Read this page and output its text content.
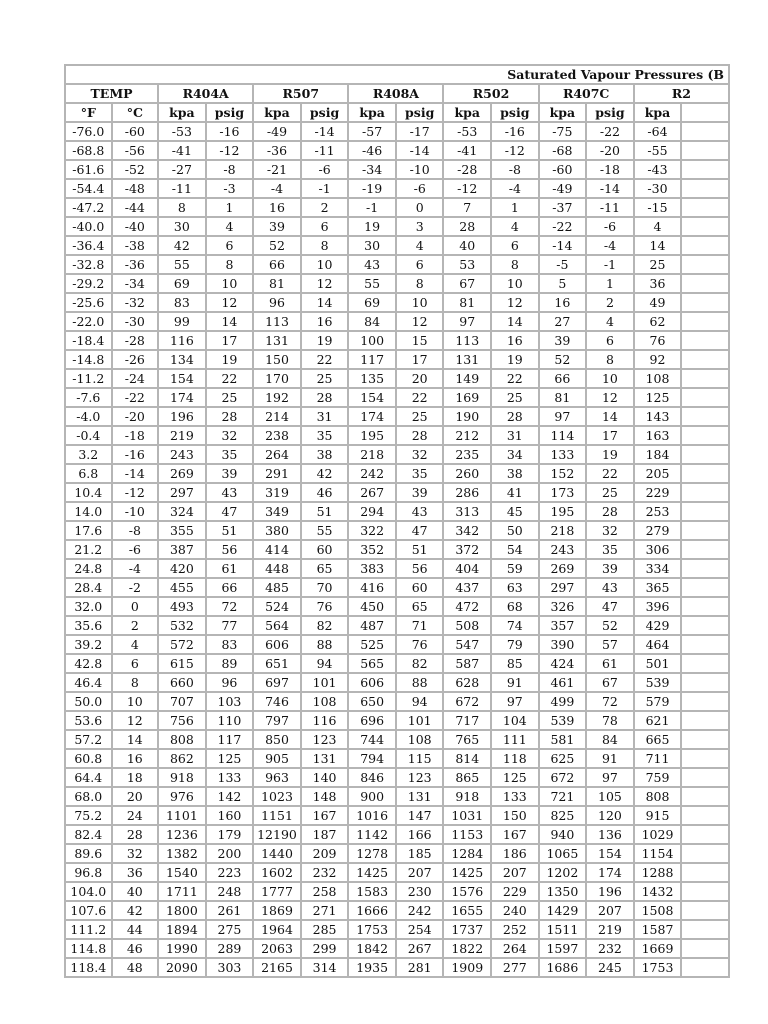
Saturated Vapour Pressures (B													
TEMP		R404A		R507		R408A		R502		R407C		R2	
°F	°C	kpa	psig	kpa	psig	kpa	psig	kpa	psig	kpa	psig	kpa	
-76.0	-60	-53	-16	-49	-14	-57	-17	-53	-16	-75	-22	-64	
-68.8	-56	-41	-12	-36	-11	-46	-14	-41	-12	-68	-20	-55	
-61.6	-52	-27	-8	-21	-6	-34	-10	-28	-8	-60	-18	-43	
-54.4	-48	-11	-3	-4	-1	-19	-6	-12	-4	-49	-14	-30	
-47.2	-44	8	1	16	2	-1	0	7	1	-37	-11	-15	
-40.0	-40	30	4	39	6	19	3	28	4	-22	-6	4	
-36.4	-38	42	6	52	8	30	4	40	6	-14	-4	14	
-32.8	-36	55	8	66	10	43	6	53	8	-5	-1	25	
-29.2	-34	69	10	81	12	55	8	67	10	5	1	36	
-25.6	-32	83	12	96	14	69	10	81	12	16	2	49	
-22.0	-30	99	14	113	16	84	12	97	14	27	4	62	
-18.4	-28	116	17	131	19	100	15	113	16	39	6	76	
-14.8	-26	134	19	150	22	117	17	131	19	52	8	92	
-11.2	-24	154	22	170	25	135	20	149	22	66	10	108	
-7.6	-22	174	25	192	28	154	22	169	25	81	12	125	
-4.0	-20	196	28	214	31	174	25	190	28	97	14	143	
-0.4	-18	219	32	238	35	195	28	212	31	114	17	163	
3.2	-16	243	35	264	38	218	32	235	34	133	19	184	
6.8	-14	269	39	291	42	242	35	260	38	152	22	205	
10.4	-12	297	43	319	46	267	39	286	41	173	25	229	
14.0	-10	324	47	349	51	294	43	313	45	195	28	253	
17.6	-8	355	51	380	55	322	47	342	50	218	32	279	
21.2	-6	387	56	414	60	352	51	372	54	243	35	306	
24.8	-4	420	61	448	65	383	56	404	59	269	39	334	
28.4	-2	455	66	485	70	416	60	437	63	297	43	365	
32.0	0	493	72	524	76	450	65	472	68	326	47	396	
35.6	2	532	77	564	82	487	71	508	74	357	52	429	
39.2	4	572	83	606	88	525	76	547	79	390	57	464	
42.8	6	615	89	651	94	565	82	587	85	424	61	501	
46.4	8	660	96	697	101	606	88	628	91	461	67	539	
50.0	10	707	103	746	108	650	94	672	97	499	72	579	
53.6	12	756	110	797	116	696	101	717	104	539	78	621	
57.2	14	808	117	850	123	744	108	765	111	581	84	665	
60.8	16	862	125	905	131	794	115	814	118	625	91	711	
64.4	18	918	133	963	140	846	123	865	125	672	97	759	
68.0	20	976	142	1023	148	900	131	918	133	721	105	808	
75.2	24	1101	160	1151	167	1016	147	1031	150	825	120	915	
82.4	28	1236	179	12190	187	1142	166	1153	167	940	136	1029	
89.6	32	1382	200	1440	209	1278	185	1284	186	1065	154	1154	
96.8	36	1540	223	1602	232	1425	207	1425	207	1202	174	1288	
104.0	40	1711	248	1777	258	1583	230	1576	229	1350	196	1432	
107.6	42	1800	261	1869	271	1666	242	1655	240	1429	207	1508	
111.2	44	1894	275	1964	285	1753	254	1737	252	1511	219	1587	
114.8	46	1990	289	2063	299	1842	267	1822	264	1597	232	1669	
118.4	48	2090	303	2165	314	1935	281	1909	277	1686	245	1753	
